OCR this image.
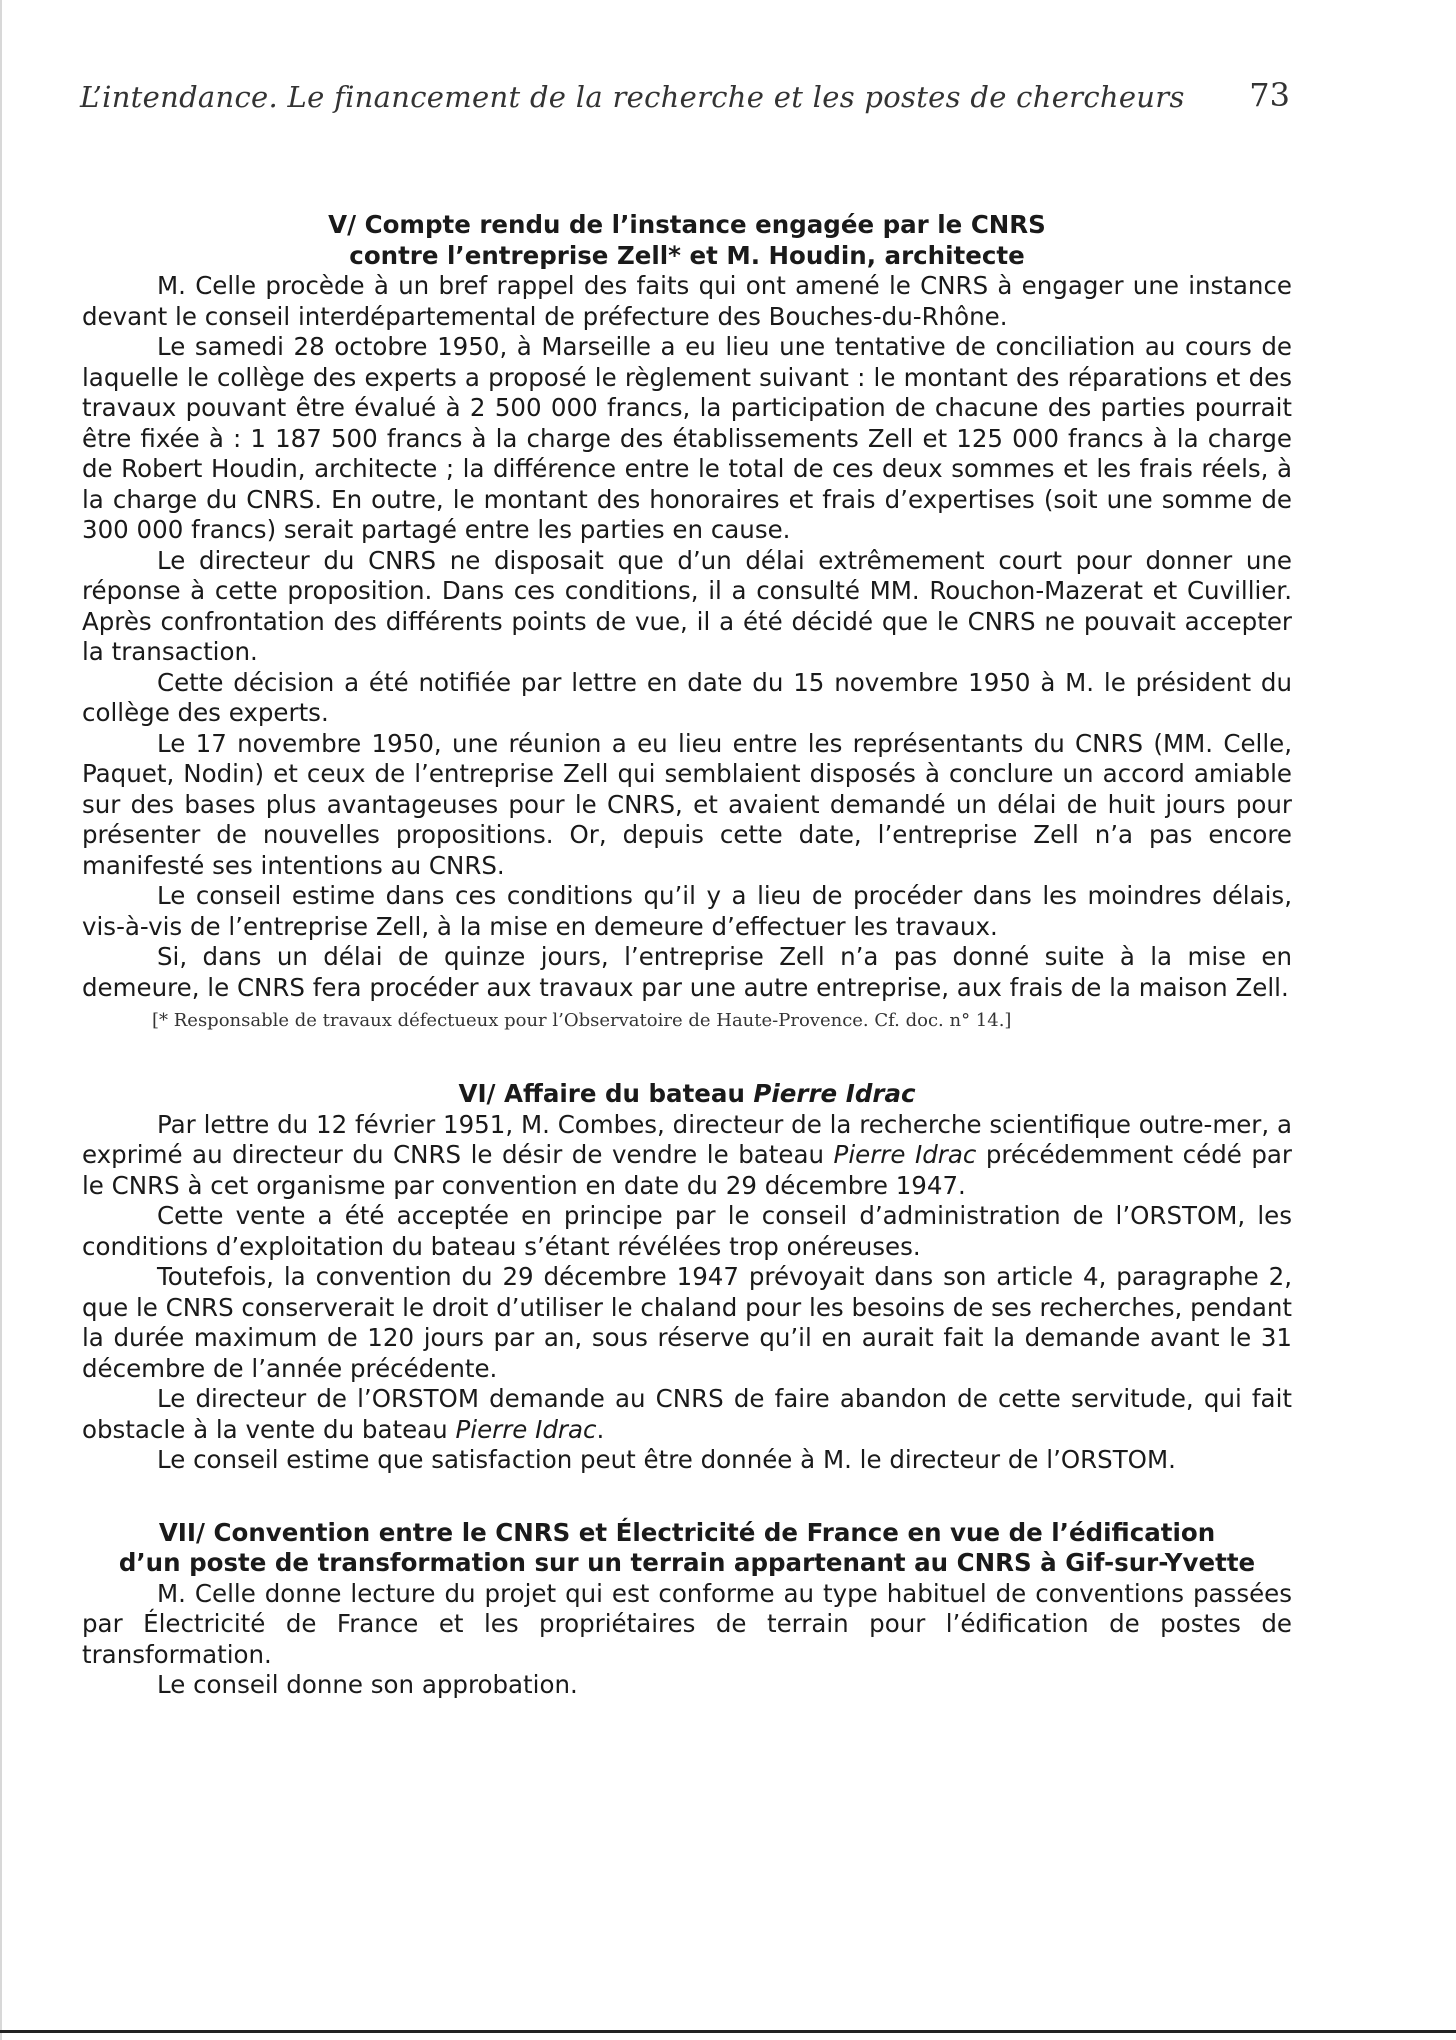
L’intendance. Le financement de la recherche et les postes de chercheurs 73
V/ Compte rendu de l’instance engagée par le CNRS
contre l’entreprise Zell* et M. Houdin, architecte

M. Celle procède à un bref rappel des faits qui ont amené le CNRS à engager une instance devant le conseil interdépartemental de préfecture des Bouches-du-Rhône.

Le samedi 28 octobre 1950, à Marseille a eu lieu une tentative de conciliation au cours de laquelle le collège des experts a proposé le règlement suivant : le montant des réparations et des travaux pouvant être évalué à 2 500 000 francs, la participation de chacune des parties pourrait être fixée à : 1 187 500 francs à la charge des établissements Zell et 125 000 francs à la charge de Robert Houdin, architecte ; la différence entre le total de ces deux sommes et les frais réels, à la charge du CNRS. En outre, le montant des honoraires et frais d’expertises (soit une somme de 300 000 francs) serait partagé entre les parties en cause.

Le directeur du CNRS ne disposait que d’un délai extrêmement court pour donner une réponse à cette proposition. Dans ces conditions, il a consulté MM. Rouchon-Mazerat et Cuvillier. Après confrontation des différents points de vue, il a été décidé que le CNRS ne pouvait accepter la transaction.

Cette décision a été notifiée par lettre en date du 15 novembre 1950 à M. le président du collège des experts.

Le 17 novembre 1950, une réunion a eu lieu entre les représentants du CNRS (MM. Celle, Paquet, Nodin) et ceux de l’entreprise Zell qui semblaient disposés à conclure un accord amiable sur des bases plus avantageuses pour le CNRS, et avaient demandé un délai de huit jours pour présenter de nouvelles propositions. Or, depuis cette date, l’entreprise Zell n’a pas encore manifesté ses intentions au CNRS.

Le conseil estime dans ces conditions qu’il y a lieu de procéder dans les moindres délais, vis-à-vis de l’entreprise Zell, à la mise en demeure d’effectuer les travaux.

Si, dans un délai de quinze jours, l’entreprise Zell n’a pas donné suite à la mise en demeure, le CNRS fera procéder aux travaux par une autre entreprise, aux frais de la maison Zell.

[* Responsable de travaux défectueux pour l’Observatoire de Haute-Provence. Cf. doc. n° 14.]

VI/ Affaire du bateau Pierre Idrac

Par lettre du 12 février 1951, M. Combes, directeur de la recherche scientifique outre-mer, a exprimé au directeur du CNRS le désir de vendre le bateau Pierre Idrac précédemment cédé par le CNRS à cet organisme par convention en date du 29 décembre 1947.

Cette vente a été acceptée en principe par le conseil d’administration de l’ORSTOM, les conditions d’exploitation du bateau s’étant révélées trop onéreuses.

Toutefois, la convention du 29 décembre 1947 prévoyait dans son article 4, paragraphe 2, que le CNRS conserverait le droit d’utiliser le chaland pour les besoins de ses recherches, pendant la durée maximum de 120 jours par an, sous réserve qu’il en aurait fait la demande avant le 31 décembre de l’année précédente.

Le directeur de l’ORSTOM demande au CNRS de faire abandon de cette servitude, qui fait obstacle à la vente du bateau Pierre Idrac.

Le conseil estime que satisfaction peut être donnée à M. le directeur de l’ORSTOM.

VII/ Convention entre le CNRS et Électricité de France en vue de l’édification
d’un poste de transformation sur un terrain appartenant au CNRS à Gif-sur-Yvette

M. Celle donne lecture du projet qui est conforme au type habituel de conventions passées par Électricité de France et les propriétaires de terrain pour l’édification de postes de transformation.

Le conseil donne son approbation.
